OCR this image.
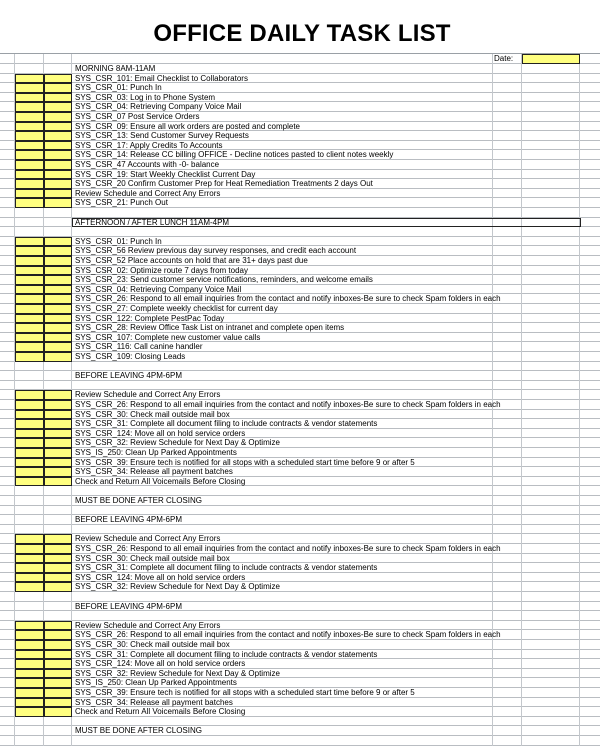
OFFICE DAILY TASK LIST
Date:
MORNING 8AM-11AM
SYS_CSR_101: Email Checklist to Collaborators
SYS_CSR_01: Punch In
SYS_CSR_03: Log in to Phone System
SYS_CSR_04: Retrieving Company Voice Mail
SYS_CSR_07 Post Service Orders
SYS_CSR_09: Ensure all work orders are posted and complete
SYS_CSR_13: Send Customer Survey Requests
SYS_CSR_17: Apply Credits To Accounts
SYS_CSR_14: Release CC billing OFFICE - Decline notices pasted to client notes weekly
SYS_CSR_47 Accounts with -0- balance
SYS_CSR_19: Start Weekly Checklist Current Day
SYS_CSR_20 Confirm Customer Prep for Heat Remediation Treatments 2 days Out
Review Schedule and Correct Any Errors
SYS_CSR_21: Punch Out
AFTERNOON / AFTER LUNCH 11AM-4PM
SYS_CSR_01: Punch In
SYS_CSR_56 Review previous day survey responses, and credit each account
SYS_CSR_52 Place accounts on hold that are 31+ days past due
SYS_CSR_02: Optimize route 7 days from today
SYS_CSR_23: Send customer service notifications, reminders, and welcome emails
SYS_CSR_04: Retrieving Company Voice Mail
SYS_CSR_26: Respond to all email inquiries from the contact and notify inboxes-Be sure to check Spam folders in each
SYS_CSR_27: Complete weekly checklist for current day
SYS_CSR_122: Complete PestPac Today
SYS_CSR_28: Review Office Task List on intranet and complete open items
SYS_CSR_107: Complete new customer value calls
SYS_CSR_116: Call canine handler
SYS_CSR_109: Closing Leads
BEFORE LEAVING 4PM-6PM
Review Schedule and Correct Any Errors
SYS_CSR_26: Respond to all email inquiries from the contact and notify inboxes-Be sure to check Spam folders in each
SYS_CSR_30: Check mail outside mail box
SYS_CSR_31: Complete all document filing to include contracts & vendor statements
SYS_CSR_124: Move all on hold service orders
SYS_CSR_32: Review Schedule for Next Day & Optimize
SYS_IS_250: Clean Up Parked Appointments
SYS_CSR_39: Ensure tech is notified for all stops with a scheduled start time before 9 or after 5
SYS_CSR_34: Release all payment batches
Check and Return All Voicemails Before Closing
MUST BE DONE AFTER CLOSING
BEFORE LEAVING 4PM-6PM
Review Schedule and Correct Any Errors
SYS_CSR_26: Respond to all email inquiries from the contact and notify inboxes-Be sure to check Spam folders in each
SYS_CSR_30: Check mail outside mail box
SYS_CSR_31: Complete all document filing to include contracts & vendor statements
SYS_CSR_124: Move all on hold service orders
SYS_CSR_32: Review Schedule for Next Day & Optimize
BEFORE LEAVING 4PM-6PM
Review Schedule and Correct Any Errors
SYS_CSR_26: Respond to all email inquiries from the contact and notify inboxes-Be sure to check Spam folders in each
SYS_CSR_30: Check mail outside mail box
SYS_CSR_31: Complete all document filing to include contracts & vendor statements
SYS_CSR_124: Move all on hold service orders
SYS_CSR_32: Review Schedule for Next Day & Optimize
SYS_IS_250: Clean Up Parked Appointments
SYS_CSR_39: Ensure tech is notified for all stops with a scheduled start time before 9 or after 5
SYS_CSR_34: Release all payment batches
Check and Return All Voicemails Before Closing
MUST BE DONE AFTER CLOSING
